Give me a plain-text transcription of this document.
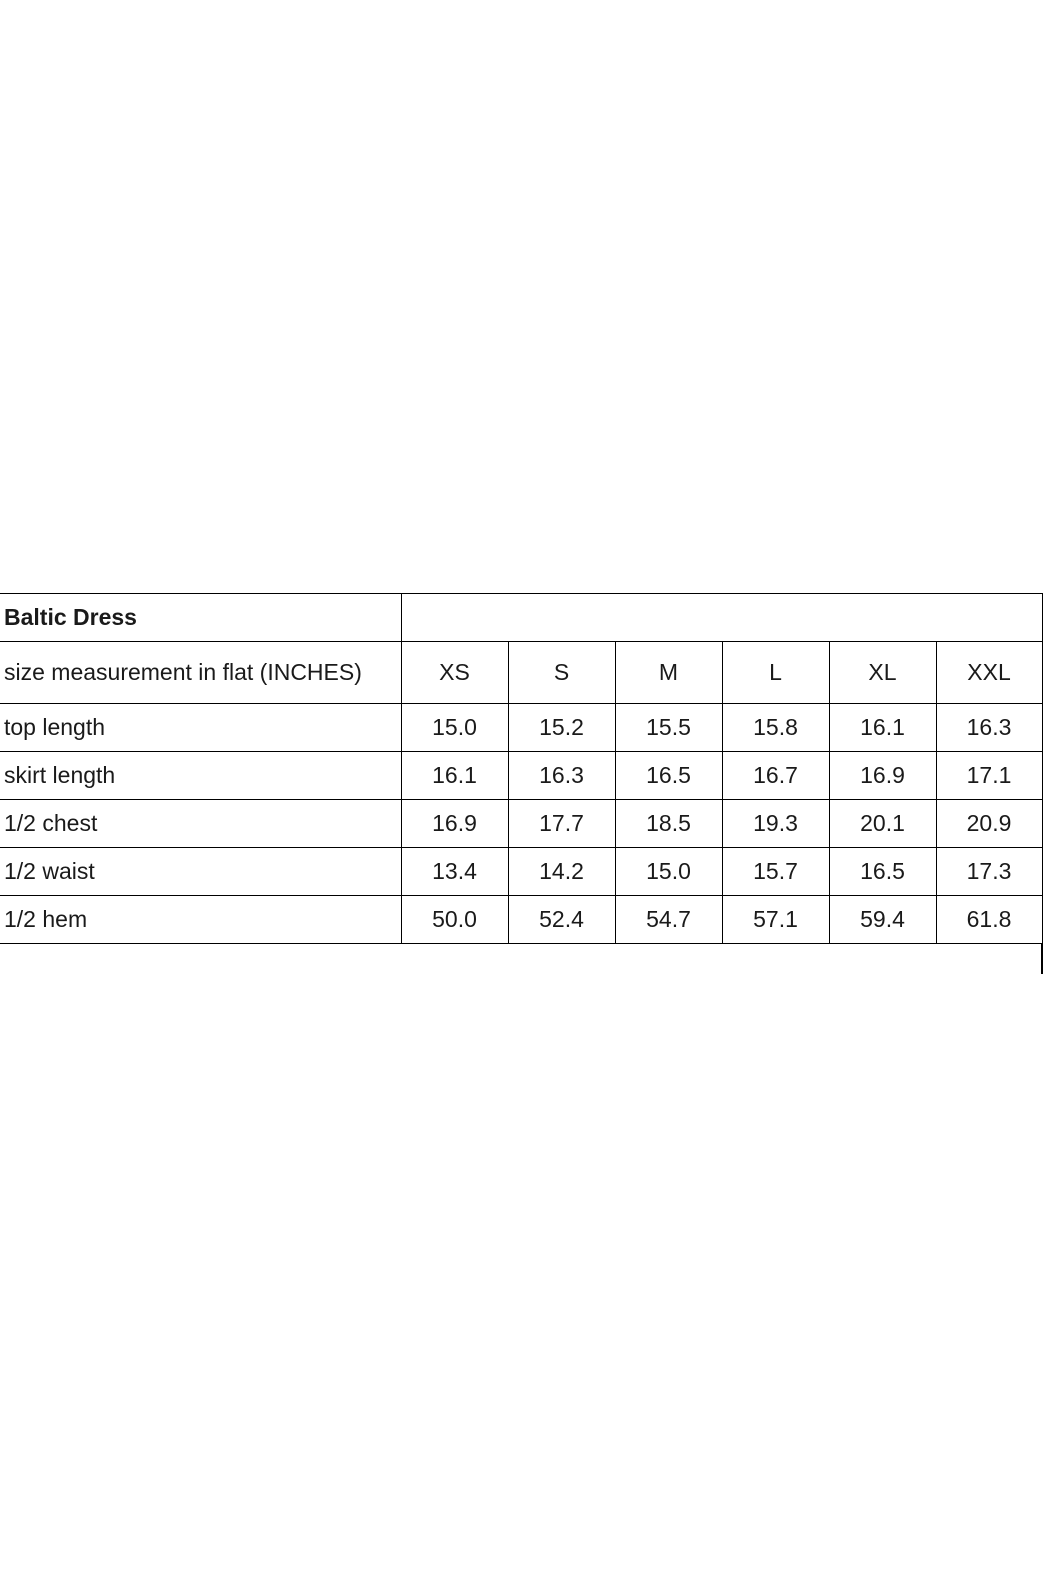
Baltic Dress						
size measurement in flat (INCHES)	XS	S	M	L	XL	XXL
top length	15.0	15.2	15.5	15.8	16.1	16.3
skirt length	16.1	16.3	16.5	16.7	16.9	17.1
1/2 chest	16.9	17.7	18.5	19.3	20.1	20.9
1/2 waist	13.4	14.2	15.0	15.7	16.5	17.3
1/2 hem	50.0	52.4	54.7	57.1	59.4	61.8
